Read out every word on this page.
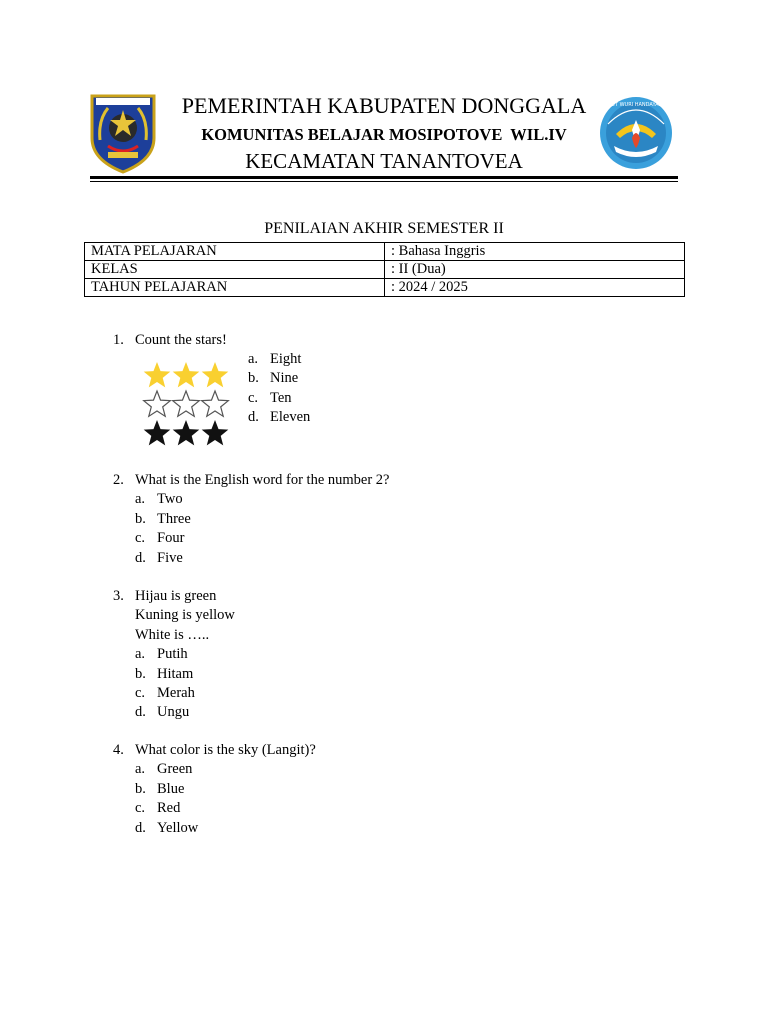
TUT WURI HANDAYANI
PEMERINTAH KABUPATEN DONGGALA
KOMUNITAS BELAJAR MOSIPOTOVE  WIL.IV
KECAMATAN TANANTOVEA
PENILAIAN AKHIR SEMESTER II
MATA PELAJARAN	: Bahasa Inggris
KELAS	: II (Dua)
TAHUN PELAJARAN	: 2024 / 2025
1. Count the stars!
a. Eight
b. Nine
c. Ten
d. Eleven
2. What is the English word for the number 2?
a. Two
b. Three
c. Four
d. Five
3. Hijau is green
Kuning is yellow
White is …..
a. Putih
b. Hitam
c. Merah
d. Ungu
4. What color is the sky (Langit)?
a. Green
b. Blue
c. Red
d. Yellow
